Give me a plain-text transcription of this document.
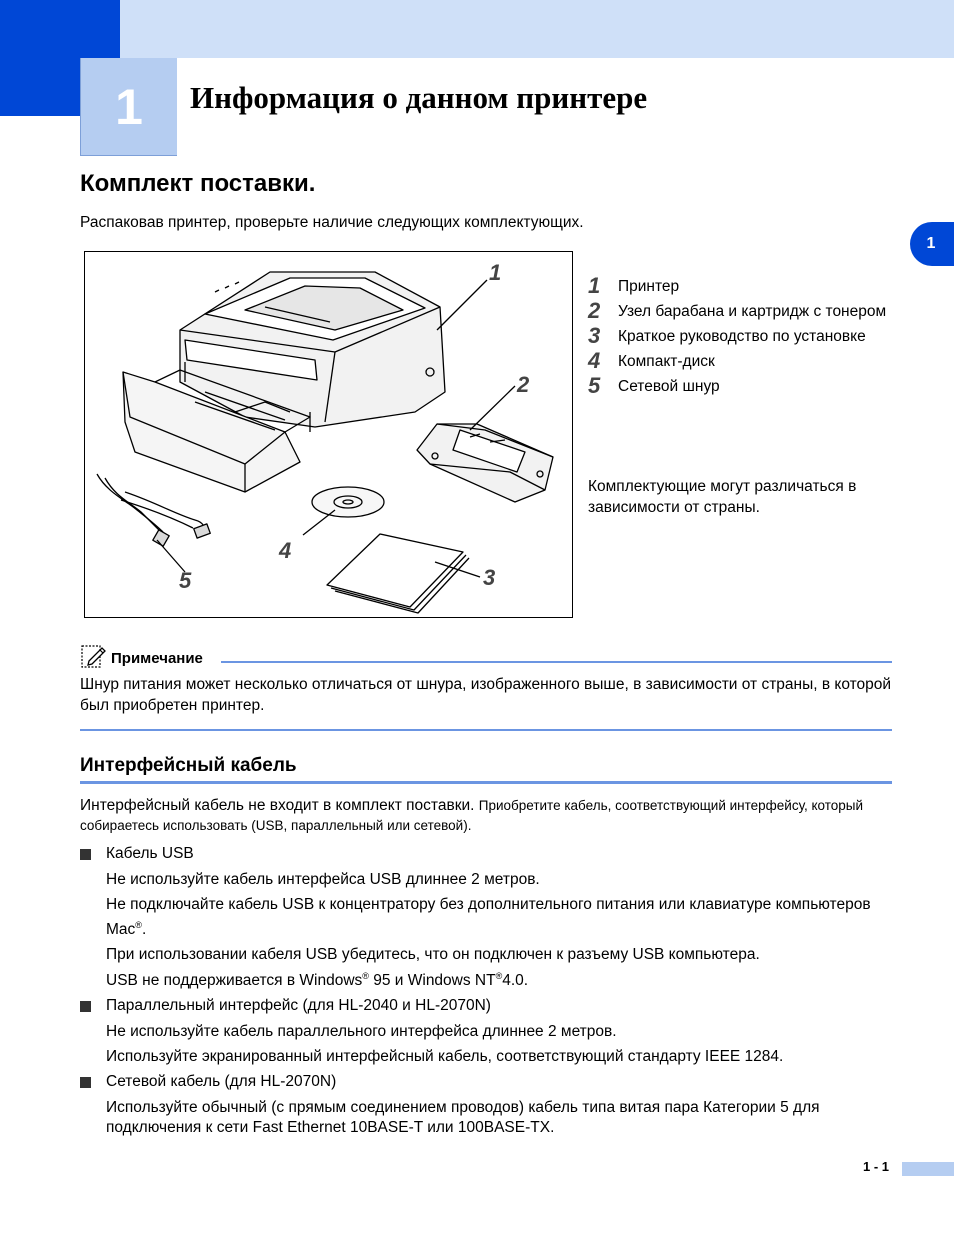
1 Информация о данном принтере
1
Комплект поставки.
Распаковав принтер, проверьте наличие следующих комплектующих.
1
2
3
4
5
1 Принтер
2 Узел барабана и картридж с тонером
3 Краткое руководство по установке
4 Компакт-диск
5 Сетевой шнур
Комплектующие могут различаться в зависимости от страны.
Примечание
Шнур питания может несколько отличаться от шнура, изображенного выше, в зависимости от страны, в которой был приобретен принтер.
Интерфейсный кабель
Интерфейсный кабель не входит в комплект поставки. Приобретите кабель, соответствующий интерфейсу, который собираетесь использовать (USB, параллельный или сетевой).
Кабель USB
Не используйте кабель интерфейса USB длиннее 2 метров.
Не подключайте кабель USB к концентратору без дополнительного питания или клавиатуре компьютеров Mac®.
При использовании кабеля USB убедитесь, что он подключен к разъему USB компьютера.
USB не поддерживается в Windows® 95 и Windows NT®4.0.
Параллельный интерфейс (для HL-2040 и HL-2070N)
Не используйте кабель параллельного интерфейса длиннее 2 метров.
Используйте экранированный интерфейсный кабель, соответствующий стандарту IEEE 1284.
Сетевой кабель (для HL-2070N)
Используйте обычный (с прямым соединением проводов) кабель типа витая пара Категории 5 для подключения к сети Fast Ethernet 10BASE-T или 100BASE-TX.
1 - 1
